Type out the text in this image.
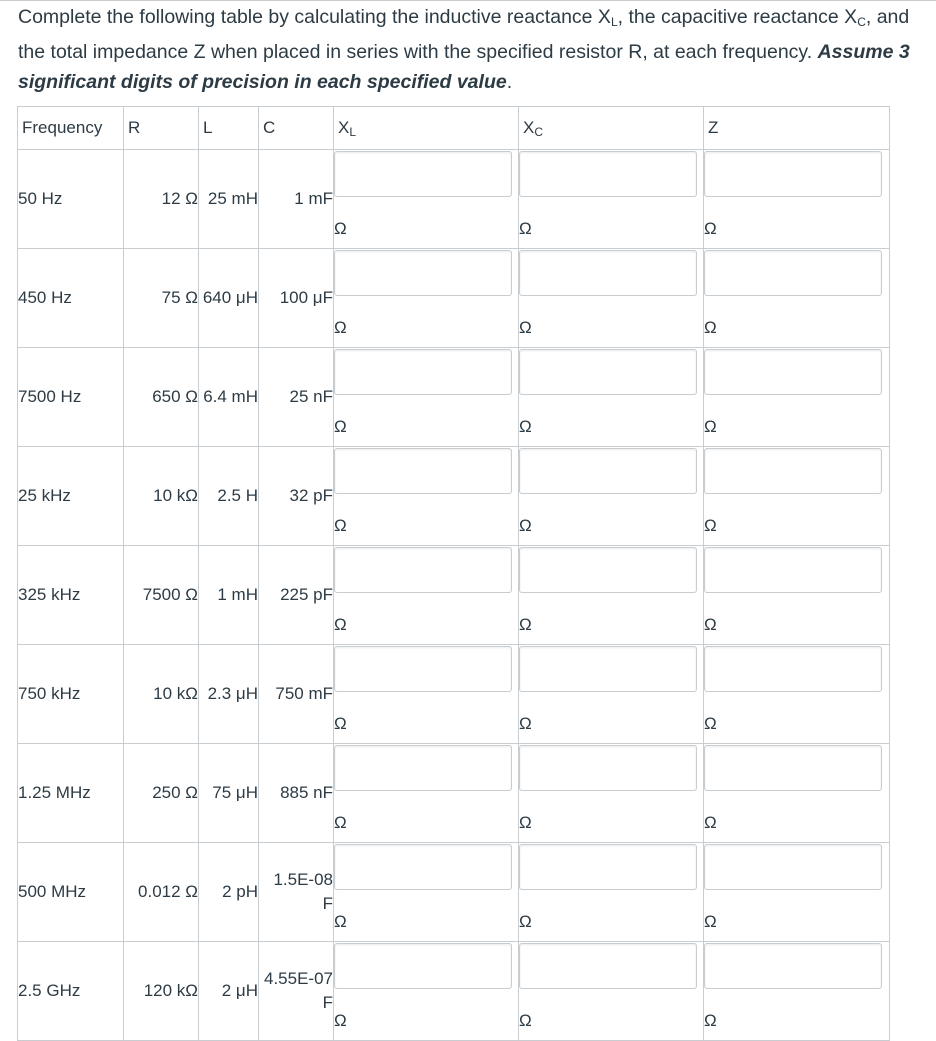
Complete the following table by calculating the inductive reactance $X_L$, the capacitive reactance $X_C$, and the total impedance Z when placed in series with the specified resistor R, at each frequency. Assume 3 significant digits of precision in each specified value.
Frequency	R	L	C	$X_L$	$X_C$	Z
50 Hz	12 Ω	25 mH	1 mF	Ω	Ω	Ω

450 Hz	75 Ω	640 μH	100 μF	Ω	Ω	Ω

7500 Hz	650 Ω	6.4 mH	25 nF	Ω	Ω	Ω

25 kHz	10 kΩ	2.5 H	32 pF	Ω	Ω	Ω

325 kHz	7500 Ω	1 mH	225 pF	Ω	Ω	Ω

750 kHz	10 kΩ	2.3 μH	750 mF	Ω	Ω	Ω

1.25 MHz	250 Ω	75 μH	885 nF	Ω	Ω	Ω

500 MHz	0.012 Ω	2 pH	1.5E-08 F	Ω	Ω	Ω

2.5 GHz	120 kΩ	2 μH	4.55E-07 F	Ω	Ω	Ω
